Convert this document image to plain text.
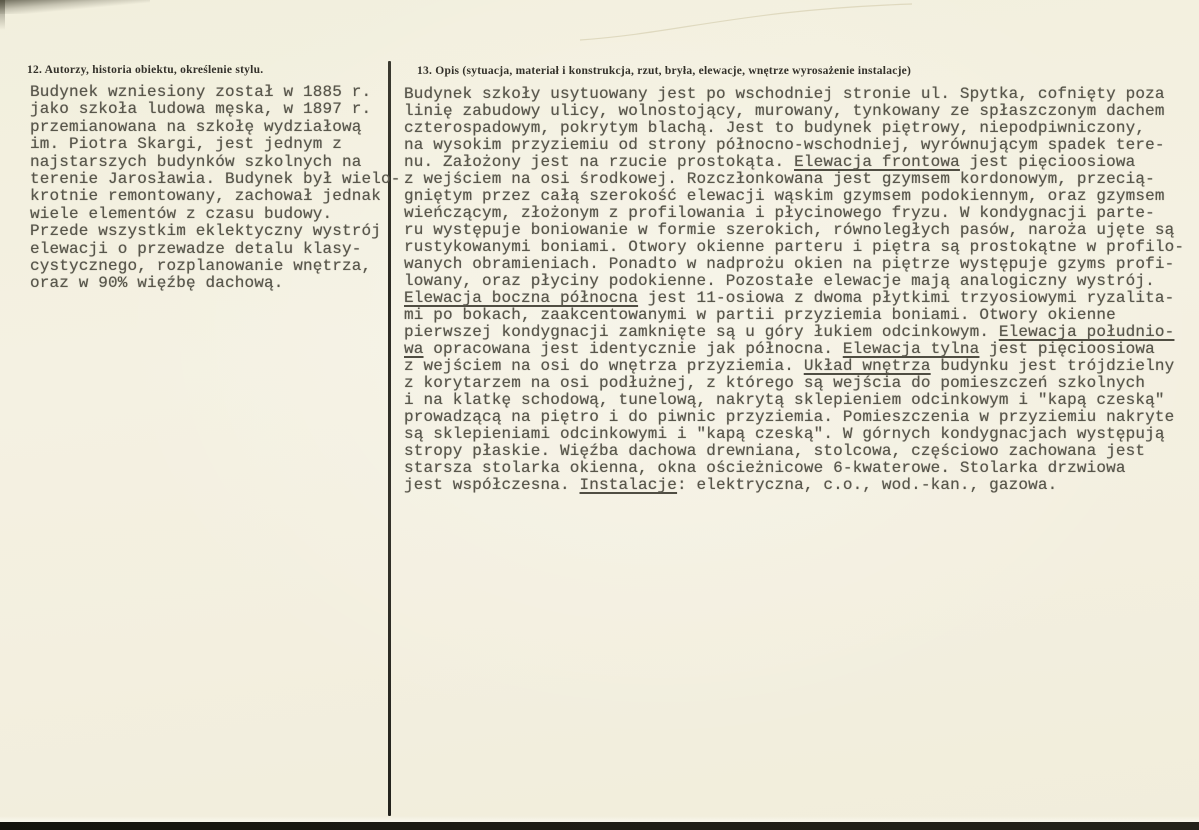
12. Autorzy, historia obiektu, określenie stylu.	13. Opis (sytuacja, materiał i konstrukcja, rzut, bryła, elewacje, wnętrze wyrosażenie instalacje)
Budynek wzniesiony został w 1885 r.
jako szkoła ludowa męska, w 1897 r.
przemianowana na szkołę wydziałową
im. Piotra Skargi, jest jednym z
najstarszych budynków szkolnych na
terenie Jarosławia. Budynek był wielo-
krotnie remontowany, zachował jednak
wiele elementów z czasu budowy.
Przede wszystkim eklektyczny wystrój
elewacji o przewadze detalu klasy-
cystycznego, rozplanowanie wnętrza,
oraz w 90% więźbę dachową.
Budynek szkoły usytuowany jest po wschodniej stronie ul. Spytka, cofnięty poza
linię zabudowy ulicy, wolnostojący, murowany, tynkowany ze spłaszczonym dachem
czterospadowym, pokrytym blachą. Jest to budynek piętrowy, niepodpiwniczony,
na wysokim przyziemiu od strony północno-wschodniej, wyrównującym spadek tere-
nu. Założony jest na rzucie prostokąta. Elewacja frontowa jest pięcioosiowa
z wejściem na osi środkowej. Rozczłonkowana jest gzymsem kordonowym, przecią-
gniętym przez całą szerokość elewacji wąskim gzymsem podokiennym, oraz gzymsem
wieńczącym, złożonym z profilowania i płycinowego fryzu. W kondygnacji parte-
ru występuje boniowanie w formie szerokich, równoległych pasów, naroża ujęte są
rustykowanymi boniami. Otwory okienne parteru i piętra są prostokątne w profilo-
wanych obramieniach. Ponadto w nadprożu okien na piętrze występuje gzyms profi-
lowany, oraz płyciny podokienne. Pozostałe elewacje mają analogiczny wystrój.
Elewacja boczna północna jest 11-osiowa z dwoma płytkimi trzyosiowymi ryzalita-
mi po bokach, zaakcentowanymi w partii przyziemia boniami. Otwory okienne
pierwszej kondygnacji zamknięte są u góry łukiem odcinkowym. Elewacja południo-
wa opracowana jest identycznie jak północna. Elewacja tylna jest pięcioosiowa
z wejściem na osi do wnętrza przyziemia. Układ wnętrza budynku jest trójdzielny
z korytarzem na osi podłużnej, z którego są wejścia do pomieszczeń szkolnych
i na klatkę schodową, tunelową, nakrytą sklepieniem odcinkowym i "kapą czeską"
prowadzącą na piętro i do piwnic przyziemia. Pomieszczenia w przyziemiu nakryte
są sklepieniami odcinkowymi i "kapą czeską". W górnych kondygnacjach występują
stropy płaskie. Więźba dachowa drewniana, stolcowa, częściowo zachowana jest
starsza stolarka okienna, okna ościeżnicowe 6-kwaterowe. Stolarka drzwiowa
jest współczesna. Instalacje: elektryczna, c.o., wod.-kan., gazowa.
